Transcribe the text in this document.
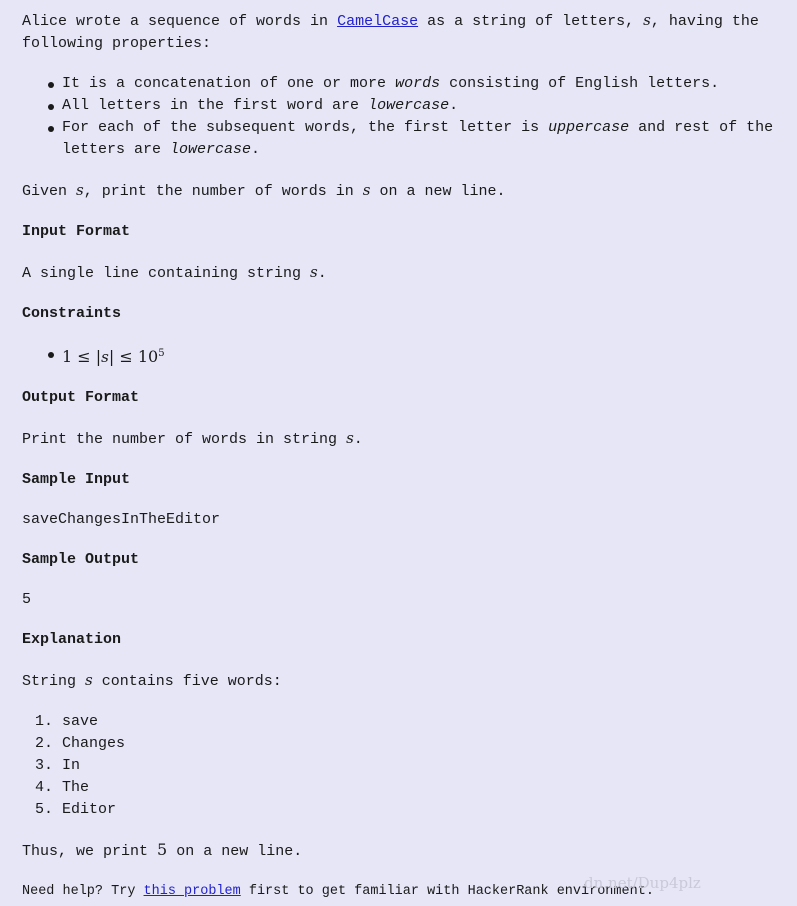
Alice wrote a sequence of words in CamelCase as a string of letters, s, having the following properties:

It is a concatenation of one or more words consisting of English letters.
All letters in the first word are lowercase.
For each of the subsequent words, the first letter is uppercase and rest of the letters are lowercase.

Given s, print the number of words in s on a new line.

Input Format

A single line containing string s.

Constraints

$1 \le |s| \le 10^5$

Output Format

Print the number of words in string s.

Sample Input

saveChangesInTheEditor

Sample Output

5

Explanation

String s contains five words:

1. save
2. Changes
3. In
4. The
5. Editor

Thus, we print 5 on a new line.

Need help? Try this problem first to get familiar with HackerRank environment.

dn.net/Dup4plz
